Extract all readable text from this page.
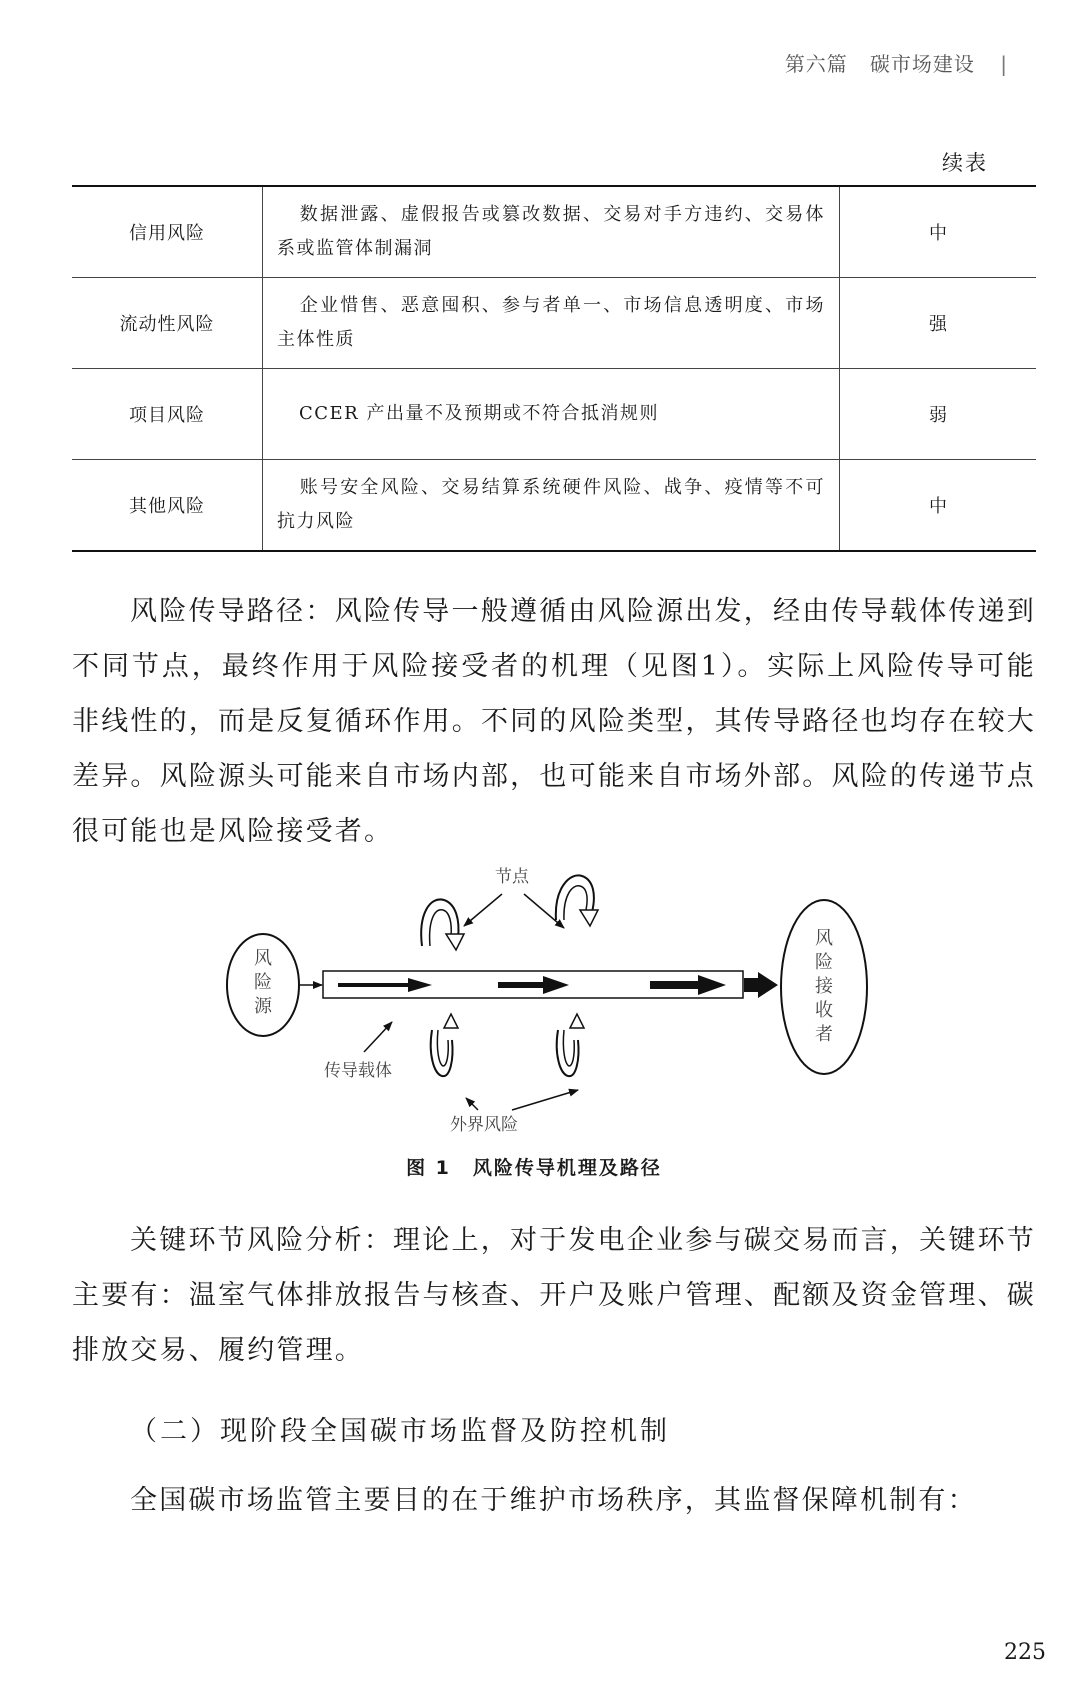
第六篇 碳市场建设 |
续表
信用风险	数据泄露、虚假报告或篡改数据、交易对手方违约、交易体系或监管体制漏洞	中
流动性风险	企业惜售、恶意囤积、参与者单一、市场信息透明度、市场主体性质	强
项目风险	CCER 产出量不及预期或不符合抵消规则	弱
其他风险	账号安全风险、交易结算系统硬件风险、战争、疫情等不可抗力风险	中

风险传导路径：风险传导一般遵循由风险源出发，经由传导载体传递到不同节点，最终作用于风险接受者的机理（见图1）。实际上风险传导可能非线性的，而是反复循环作用。不同的风险类型，其传导路径也均存在较大差异。风险源头可能来自市场内部，也可能来自市场外部。风险的传递节点很可能也是风险接受者。

风
险
源
风
险
接
收
者
节点
传导载体
外界风险
图 1 风险传导机理及路径

关键环节风险分析：理论上，对于发电企业参与碳交易而言，关键环节主要有：温室气体排放报告与核查、开户及账户管理、配额及资金管理、碳排放交易、履约管理。

（二）现阶段全国碳市场监督及防控机制

全国碳市场监管主要目的在于维护市场秩序，其监督保障机制有：

225
